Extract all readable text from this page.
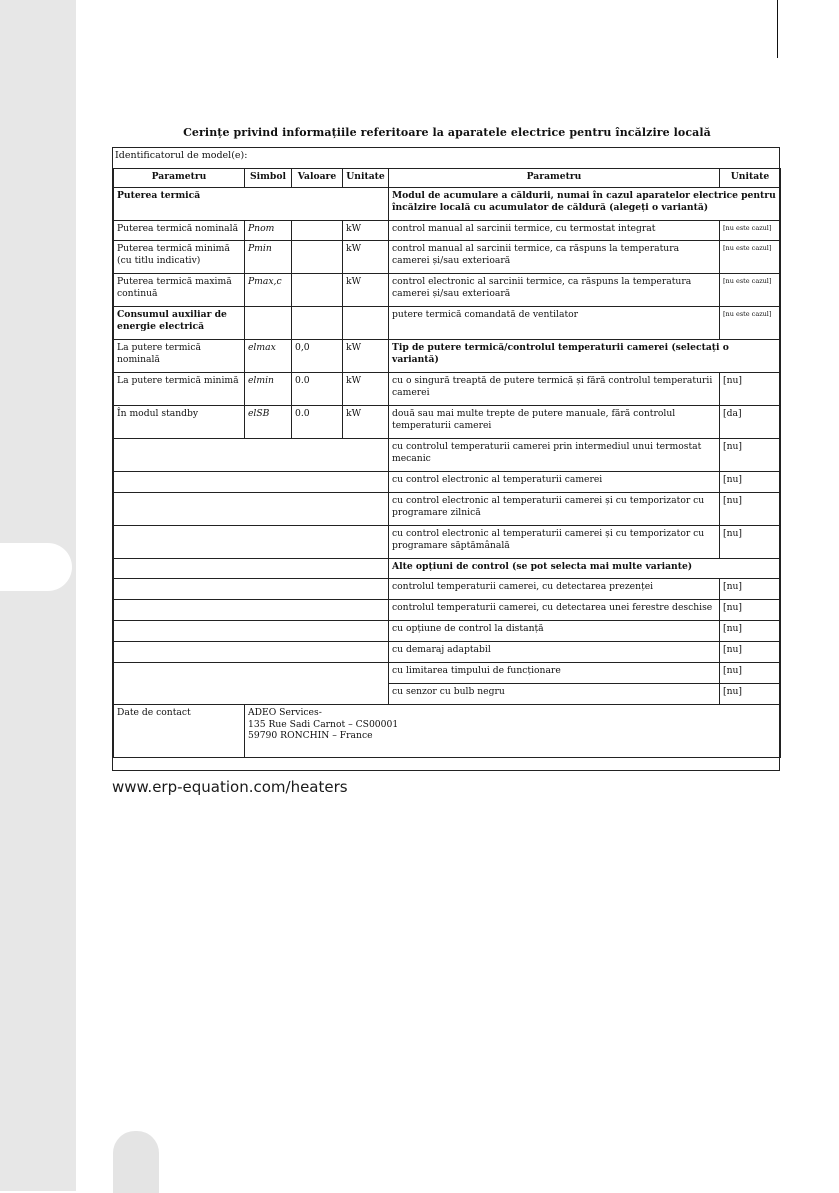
Cerințe privind informațiile referitoare la aparatele electrice pentru încălzire locală
Identificatorul de model(e):
Parametru	Simbol	Valoare	Unitate	Parametru	Unitate
Puterea termică				Modul de acumulare a căldurii, numai în cazul aparatelor electrice pentru încălzire locală cu acumulator de căldură (alegeți o variantă)	
Puterea termică nominală	Pnom		kW	control manual al sarcinii termice, cu termostat integrat	[nu este cazul]
Puterea termică minimă (cu titlu indicativ)	Pmin		kW	control manual al sarcinii termice, ca răspuns la temperatura camerei și/sau exterioară	[nu este cazul]
Puterea termică maximă continuă	Pmax,c		kW	control electronic al sarcinii termice, ca răspuns la temperatura camerei și/sau exterioară	[nu este cazul]
Consumul auxiliar de energie electrică				putere termică comandată de ventilator	[nu este cazul]
La putere termică nominală	elmax	0,0	kW	Tip de putere termică/controlul temperaturii camerei (selectați o variantă)	
La putere termică minimă	elmin	0.0	kW	cu o singură treaptă de putere termică și fără controlul temperaturii camerei	[nu]
În modul standby	elSB	0.0	kW	două sau mai multe trepte de putere manuale, fără controlul temperaturii camerei	[da]
				cu controlul temperaturii camerei prin intermediul unui termostat mecanic	[nu]
				cu control electronic al temperaturii camerei	[nu]
				cu control electronic al temperaturii camerei și cu temporizator cu programare zilnică	[nu]
				cu control electronic al temperaturii camerei și cu temporizator cu programare săptămânală	[nu]
				Alte opțiuni de control (se pot selecta mai multe variante)	
				controlul temperaturii camerei, cu detectarea prezenței	[nu]
				controlul temperaturii camerei, cu detectarea unei ferestre deschise	[nu]
				cu opțiune de control la distanță	[nu]
				cu demaraj adaptabil	[nu]
				cu limitarea timpului de funcționare	[nu]
				cu senzor cu bulb negru	[nu]
Date de contact	ADEO Services-
135 Rue Sadi Carnot – CS00001
59790 RONCHIN – France				
www.erp-equation.com/heaters
